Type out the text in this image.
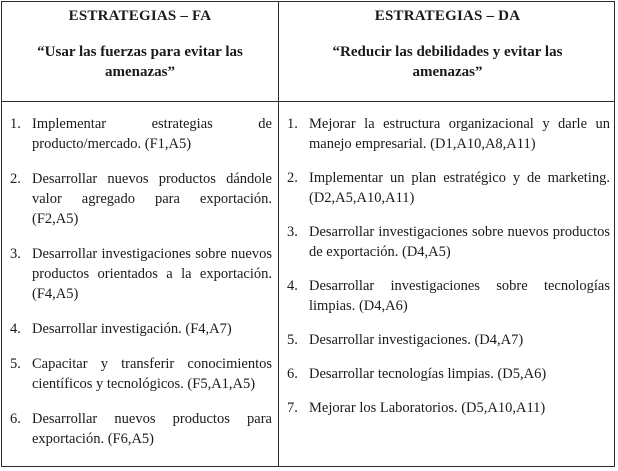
ESTRATEGIAS – FA
“Usar las fuerzas para evitar las
amenazas”
1. Implementar estrategias de producto/mercado. (F1,A5)
2. Desarrollar nuevos productos dándole valor agregado para exportación. (F2,A5)
3. Desarrollar investigaciones sobre nuevos productos orientados a la exportación. (F4,A5)
4. Desarrollar investigación. (F4,A7)
5. Capacitar y transferir conocimientos científicos y tecnológicos. (F5,A1,A5)
6. Desarrollar nuevos productos para exportación. (F6,A5)
ESTRATEGIAS – DA
“Reducir las debilidades y evitar las
amenazas”
1. Mejorar la estructura organizacional y darle un manejo empresarial. (D1,A10,A8,A11)
2. Implementar un plan estratégico y de marketing. (D2,A5,A10,A11)
3. Desarrollar investigaciones sobre nuevos productos de exportación. (D4,A5)
4. Desarrollar investigaciones sobre tecnologías limpias. (D4,A6)
5. Desarrollar investigaciones. (D4,A7)
6. Desarrollar tecnologías limpias. (D5,A6)
7. Mejorar los Laboratorios. (D5,A10,A11)
